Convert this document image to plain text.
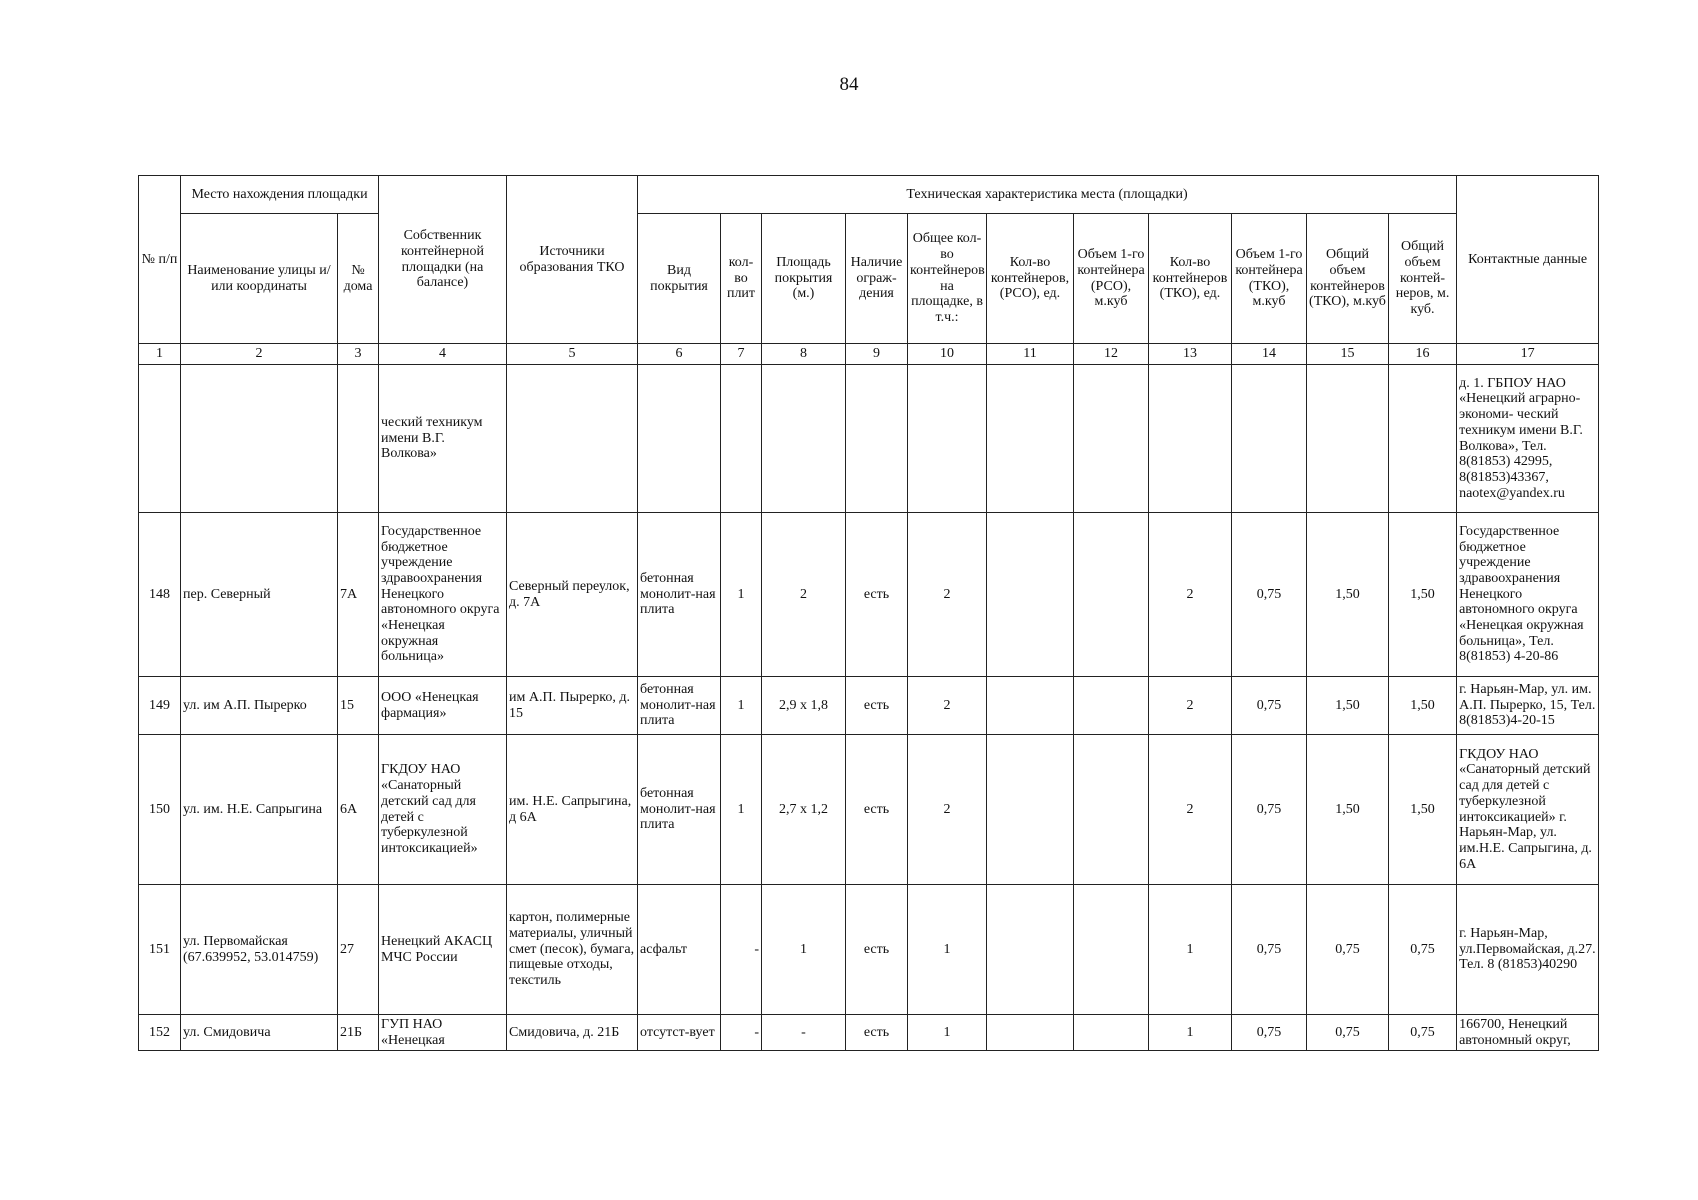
84
№ п/п	Место нахождения площадки		Собственник контейнерной площадки (на балансе)	Источники образования ТКО	Техническая характеристика места (площадки)											Контактные данные
	Наименование улицы и/или координаты	№ дома			Вид покрытия	кол-во плит	Площадь покрытия (м.)	Наличие ограж-дения	Общее кол-во контейнеров на площадке, в т.ч.:	Кол-во контейнеров, (РСО), ед.	Объем 1-го контейнера (РСО), м.куб	Кол-во контейнеров (ТКО), ед.	Объем 1-го контейнера (ТКО), м.куб	Общий объем контейнеров (ТКО), м.куб	Общий объем контей-неров, м. куб.	
1	2	3	4	5	6	7	8	9	10	11	12	13	14	15	16	17
			ческий техникум имени В.Г. Волкова»													д. 1. ГБПОУ НАО «Ненецкий аграрно-экономи- ческий техникум имени В.Г. Волкова», Тел. 8(81853) 42995, 8(81853)43367, naotex@yandex.ru
148	пер. Северный	7А	Государственное бюджетное учреждение здравоохранения Ненецкого автономного округа «Ненецкая окружная больница»	Северный переулок, д. 7А	бетонная монолит-ная плита	1	2	есть	2			2	0,75	1,50	1,50	Государственное бюджетное учреждение здравоохранения Ненецкого автономного округа «Ненецкая окружная больница», Тел. 8(81853) 4-20-86
149	ул. им А.П. Пырерко	15	ООО «Ненецкая фармация»	им А.П. Пырерко, д. 15	бетонная монолит-ная плита	1	2,9 х 1,8	есть	2			2	0,75	1,50	1,50	г. Нарьян-Мар, ул. им. А.П. Пырерко, 15, Тел. 8(81853)4-20-15
150	ул. им. Н.Е. Сапрыгина	6А	ГКДОУ НАО «Санаторный детский сад для детей с туберкулезной интоксикацией»	им. Н.Е. Сапрыгина, д 6А	бетонная монолит-ная плита	1	2,7 х 1,2	есть	2			2	0,75	1,50	1,50	ГКДОУ НАО «Санаторный детский сад для детей с туберкулезной интоксикацией» г. Нарьян-Мар, ул. им.Н.Е. Сапрыгина, д. 6А
151	ул. Первомайская (67.639952, 53.014759)	27	Ненецкий АКАСЦ МЧС России	картон, полимерные материалы, уличный смет (песок), бумага, пищевые отходы, текстиль	асфальт	-	1	есть	1			1	0,75	0,75	0,75	г. Нарьян-Мар, ул.Первомайская, д.27. Тел. 8 (81853)40290
152	ул. Смидовича	21Б	ГУП НАО «Ненецкая	Смидовича, д. 21Б	отсутст-вует	-	-	есть	1			1	0,75	0,75	0,75	166700, Ненецкий автономный округ,
